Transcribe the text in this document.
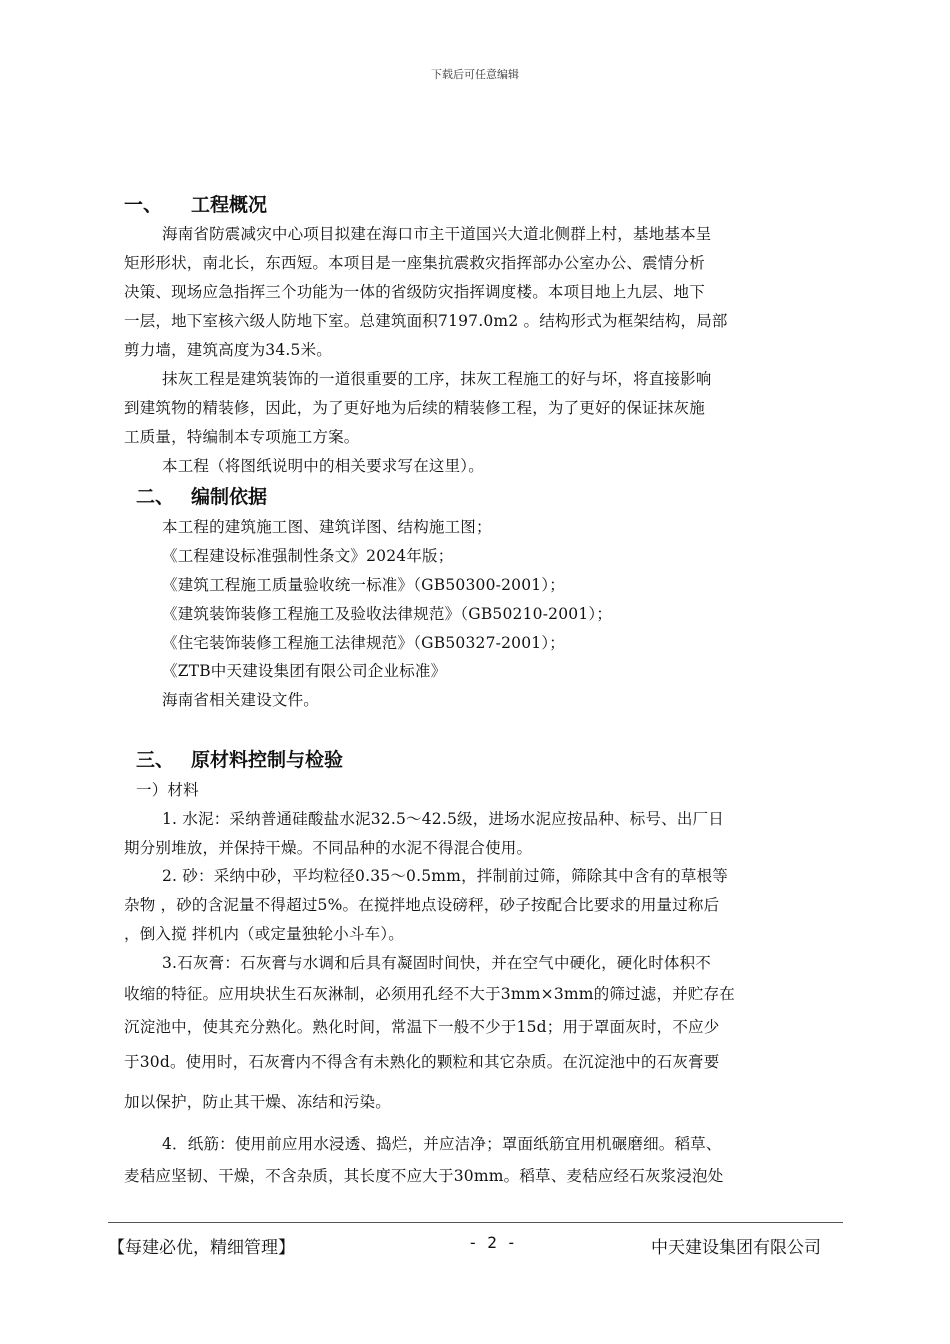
下载后可任意编辑
一、 工程概况
海南省防震减灾中心项目拟建在海口市主干道国兴大道北侧群上村，基地基本呈
矩形形状，南北长，东西短。本项目是一座集抗震救灾指挥部办公室办公、震情分析
决策、现场应急指挥三个功能为一体的省级防灾指挥调度楼。本项目地上九层、地下
一层，地下室核六级人防地下室。总建筑面积7197.0m2 。结构形式为框架结构，局部
剪力墙，建筑高度为34.5米。
抹灰工程是建筑装饰的一道很重要的工序，抹灰工程施工的好与坏，将直接影响
到建筑物的精装修，因此，为了更好地为后续的精装修工程，为了更好的保证抹灰施
工质量，特编制本专项施工方案。
本工程（将图纸说明中的相关要求写在这里）。
二、 编制依据
本工程的建筑施工图、建筑详图、结构施工图；
《工程建设标准强制性条文》2024年版；
《建筑工程施工质量验收统一标准》（GB50300-2001）；
《建筑装饰装修工程施工及验收法律规范》（GB50210-2001）；
《住宅装饰装修工程施工法律规范》（GB50327-2001）；
《ZTB中天建设集团有限公司企业标准》
海南省相关建设文件。
三、 原材料控制与检验
一）材料
1. 水泥：采纳普通硅酸盐水泥32.5～42.5级，进场水泥应按品种、标号、出厂日
期分别堆放，并保持干燥。不同品种的水泥不得混合使用。
2. 砂：采纳中砂，平均粒径0.35～0.5mm，拌制前过筛，筛除其中含有的草根等
杂物 ，砂的含泥量不得超过5%。在搅拌地点设磅秤，砂子按配合比要求的用量过称后
，倒入搅 拌机内（或定量独轮小斗车）。
3.石灰膏：石灰膏与水调和后具有凝固时间快，并在空气中硬化，硬化时体积不
收缩的特征。应用块状生石灰淋制，必须用孔经不大于3mm×3mm的筛过滤，并贮存在
沉淀池中，使其充分熟化。熟化时间，常温下一般不少于15d；用于罩面灰时，不应少
于30d。使用时，石灰膏内不得含有未熟化的颗粒和其它杂质。在沉淀池中的石灰膏要
加以保护，防止其干燥、冻结和污染。
4．纸筋：使用前应用水浸透、捣烂，并应洁净；罩面纸筋宜用机碾磨细。稻草、
麦秸应坚韧、干燥，不含杂质，其长度不应大于30mm。稻草、麦秸应经石灰浆浸泡处
【每建必优，精细管理】	- 2 -	中天建设集团有限公司
